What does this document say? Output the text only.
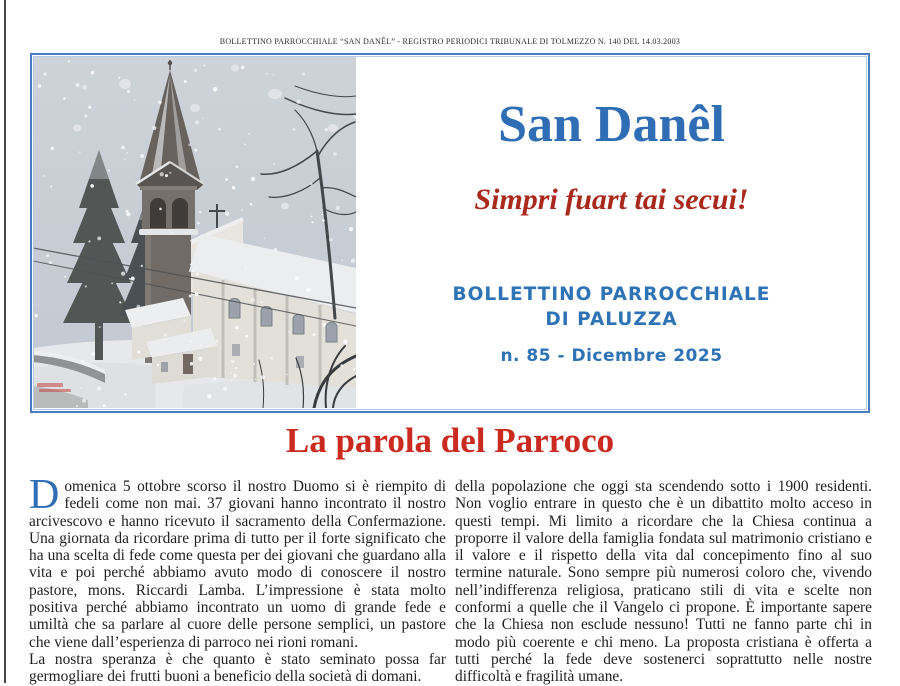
BOLLETTINO PARROCCHIALE “SAN DANÊL” - REGISTRO PERIODICI TRIBUNALE DI TOLMEZZO N. 140 DEL 14.03.2003
San Danêl
Simpri fuart tai secui!
BOLLETTINO PARROCCHIALE
DI PALUZZA
n. 85 - Dicembre 2025
La parola del Parroco

Domenica 5 ottobre scorso il nostro Duomo si è riempito di fedeli come non mai. 37 giovani hanno incontrato il nostro arcivescovo e hanno ricevuto il sacramento della Confermazione. Una giornata da ricordare prima di tutto per il forte significato che ha una scelta di fede come questa per dei giovani che guardano alla vita e poi perché abbiamo avuto modo di conoscere il nostro pastore, mons. Riccardi Lamba. L’impressione è stata molto positiva perché abbiamo incontrato un uomo di grande fede e umiltà che sa parlare al cuore delle persone semplici, un pastore che viene dall’esperienza di parroco nei rioni romani.

La nostra speranza è che quanto è stato seminato possa far germogliare dei frutti buoni a beneficio della società di domani.

della popolazione che oggi sta scendendo sotto i 1900 residenti. Non voglio entrare in questo che è un dibattito molto acceso in questi tempi. Mi limito a ricordare che la Chiesa continua a proporre il valore della famiglia fondata sul matrimonio cristiano e il valore e il rispetto della vita dal concepimento fino al suo termine naturale. Sono sempre più numerosi coloro che, vivendo nell’indifferenza religiosa, praticano stili di vita e scelte non conformi a quelle che il Vangelo ci propone. È importante sapere che la Chiesa non esclude nessuno! Tutti ne fanno parte chi in modo più coerente e chi meno. La proposta cristiana è offerta a tutti perché la fede deve sostenerci soprattutto nelle nostre difficoltà e fragilità umane.
